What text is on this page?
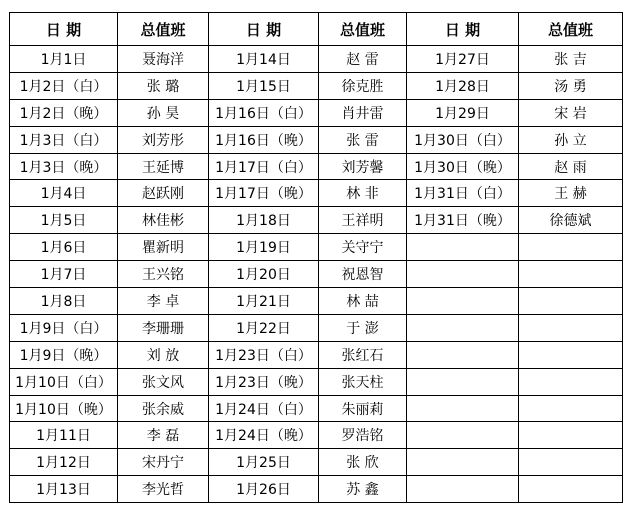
日 期	总值班	日 期	总值班	日 期	总值班
1月1日	聂海洋	1月14日	赵 雷	1月27日	张 吉
1月2日（白）	张 璐	1月15日	徐克胜	1月28日	汤 勇
1月2日（晚）	孙 昊	1月16日（白）	肖井雷	1月29日	宋 岩
1月3日（白）	刘芳彤	1月16日（晚）	张 雷	1月30日（白）	孙 立
1月3日（晚）	王延博	1月17日（白）	刘芳馨	1月30日（晚）	赵 雨
1月4日	赵跃刚	1月17日（晚）	林 非	1月31日（白）	王 赫
1月5日	林佳彬	1月18日	王祥明	1月31日（晚）	徐德斌
1月6日	瞿新明	1月19日	关守宁		
1月7日	王兴铭	1月20日	祝恩智		
1月8日	李 卓	1月21日	林 喆		
1月9日（白）	李珊珊	1月22日	于 澎		
1月9日（晚）	刘 放	1月23日（白）	张红石		
1月10日（白）	张文风	1月23日（晚）	张天柱		
1月10日（晚）	张余威	1月24日（白）	朱丽莉		
1月11日	李 磊	1月24日（晚）	罗浩铭		
1月12日	宋丹宁	1月25日	张 欣		
1月13日	李光哲	1月26日	苏 鑫		
